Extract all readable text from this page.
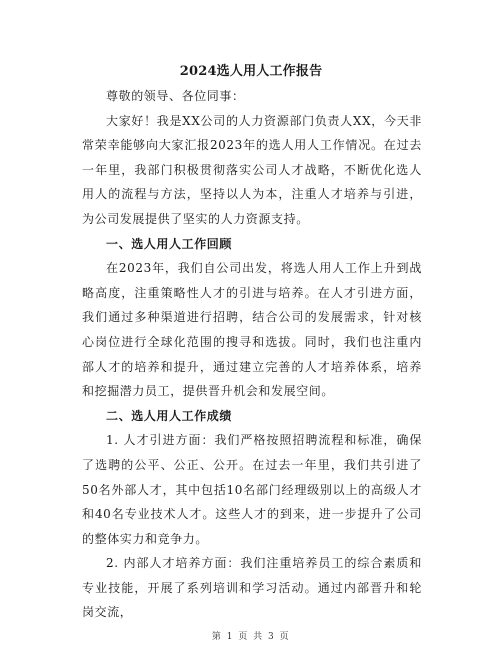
2024选人用人工作报告

尊敬的领导、各位同事：

大家好！我是XX公司的人力资源部门负责人XX，今天非常荣幸能够向大家汇报2023年的选人用人工作情况。在过去一年里，我部门积极贯彻落实公司人才战略，不断优化选人用人的流程与方法，坚持以人为本，注重人才培养与引进，为公司发展提供了坚实的人力资源支持。

一、选人用人工作回顾

在2023年，我们自公司出发，将选人用人工作上升到战略高度，注重策略性人才的引进与培养。在人才引进方面，我们通过多种渠道进行招聘，结合公司的发展需求，针对核心岗位进行全球化范围的搜寻和选拔。同时，我们也注重内部人才的培养和提升，通过建立完善的人才培养体系，培养和挖掘潜力员工，提供晋升机会和发展空间。

二、选人用人工作成绩

1. 人才引进方面：我们严格按照招聘流程和标准，确保了选聘的公平、公正、公开。在过去一年里，我们共引进了50名外部人才，其中包括10名部门经理级别以上的高级人才和40名专业技术人才。这些人才的到来，进一步提升了公司的整体实力和竞争力。

2. 内部人才培养方面：我们注重培养员工的综合素质和专业技能，开展了系列培训和学习活动。通过内部晋升和轮岗交流，

第 1 页 共 3 页
